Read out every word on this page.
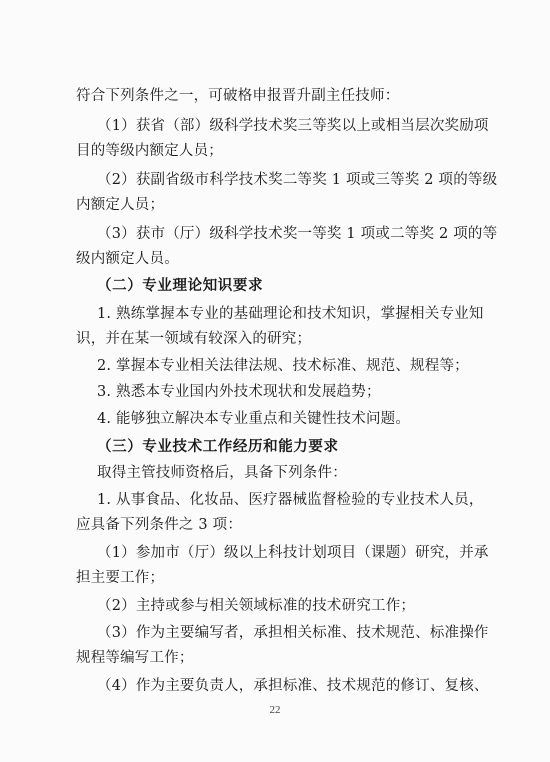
符合下列条件之一，可破格申报晋升副主任技师：
（1）获省（部）级科学技术奖三等奖以上或相当层次奖励项
目的等级内额定人员；
（2）获副省级市科学技术奖二等奖 1 项或三等奖 2 项的等级
内额定人员；
（3）获市（厅）级科学技术奖一等奖 1 项或二等奖 2 项的等
级内额定人员。
（二）专业理论知识要求
1. 熟练掌握本专业的基础理论和技术知识，掌握相关专业知
识，并在某一领域有较深入的研究；
2. 掌握本专业相关法律法规、技术标准、规范、规程等；
3. 熟悉本专业国内外技术现状和发展趋势；
4. 能够独立解决本专业重点和关键性技术问题。
（三）专业技术工作经历和能力要求
取得主管技师资格后，具备下列条件：
1. 从事食品、化妆品、医疗器械监督检验的专业技术人员，
应具备下列条件之 3 项：
（1）参加市（厅）级以上科技计划项目（课题）研究，并承
担主要工作；
（2）主持或参与相关领域标准的技术研究工作；
（3）作为主要编写者，承担相关标准、技术规范、标准操作
规程等编写工作；
（4）作为主要负责人，承担标准、技术规范的修订、复核、
22
